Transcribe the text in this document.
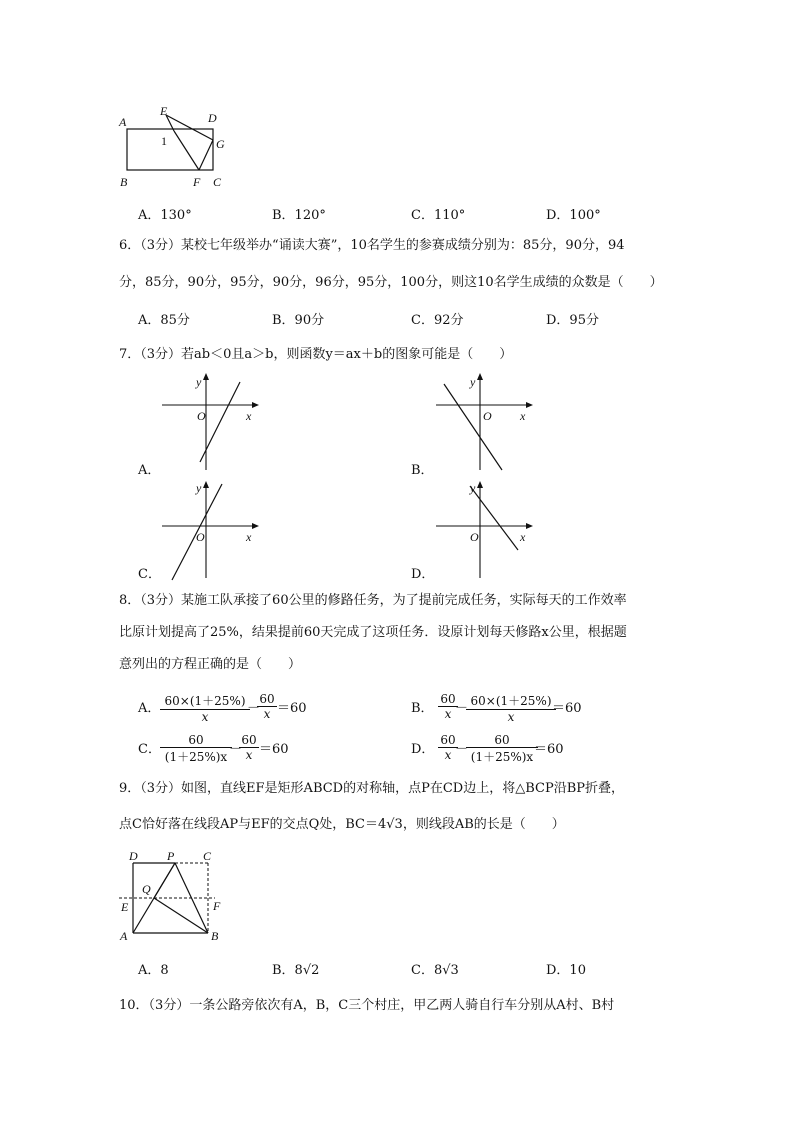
E	D
A
1	G
B	F C
A．130°	B．120°	C．110°	D．100°
6．（3分）某校七年级举办“诵读大赛”，10名学生的参赛成绩分别为：85分，90分，94
分，85分，90分，95分，90分，96分，95分，100分，则这10名学生成绩的众数是（　　）
A．85分	B．90分	C．92分	D．95分
7．（3分）若ab＜0且a＞b，则函数y＝ax＋b的图象可能是（　　）
y
O	x
A．
y
O x
B．
y
O	x
C．
y
O	x
D．
8．（3分）某施工队承接了60公里的修路任务，为了提前完成任务，实际每天的工作效率
比原计划提高了25%，结果提前60天完成了这项任务．设原计划每天修路x公里，根据题
意列出的方程正确的是（　　）
A． $\frac{60\times(1+25\%)}{x}$
－
$\frac{60}{x} =60$	B． $\frac{60}{x}$
－
$\frac{60\times(1+25\%)}{x}$
＝60
C． $\frac{60}{(1+25\%)x}$
－
$\frac{60}{x} =60$	D． $\frac{60}{x}$
－
$\frac{60}{(1+25\%)x}$
＝60
9．（3分）如图，直线EF是矩形ABCD的对称轴，点P在CD边上，将△BCP沿BP折叠，
点C恰好落在线段AP与EF的交点Q处，BC＝4√3，则线段AB的长是（　　）
D P C
Q
E	F
A	B
A．8	B．8√2	C．8√3	D．10
10．（3分）一条公路旁依次有A，B，C三个村庄，甲乙两人骑自行车分别从A村、B村
